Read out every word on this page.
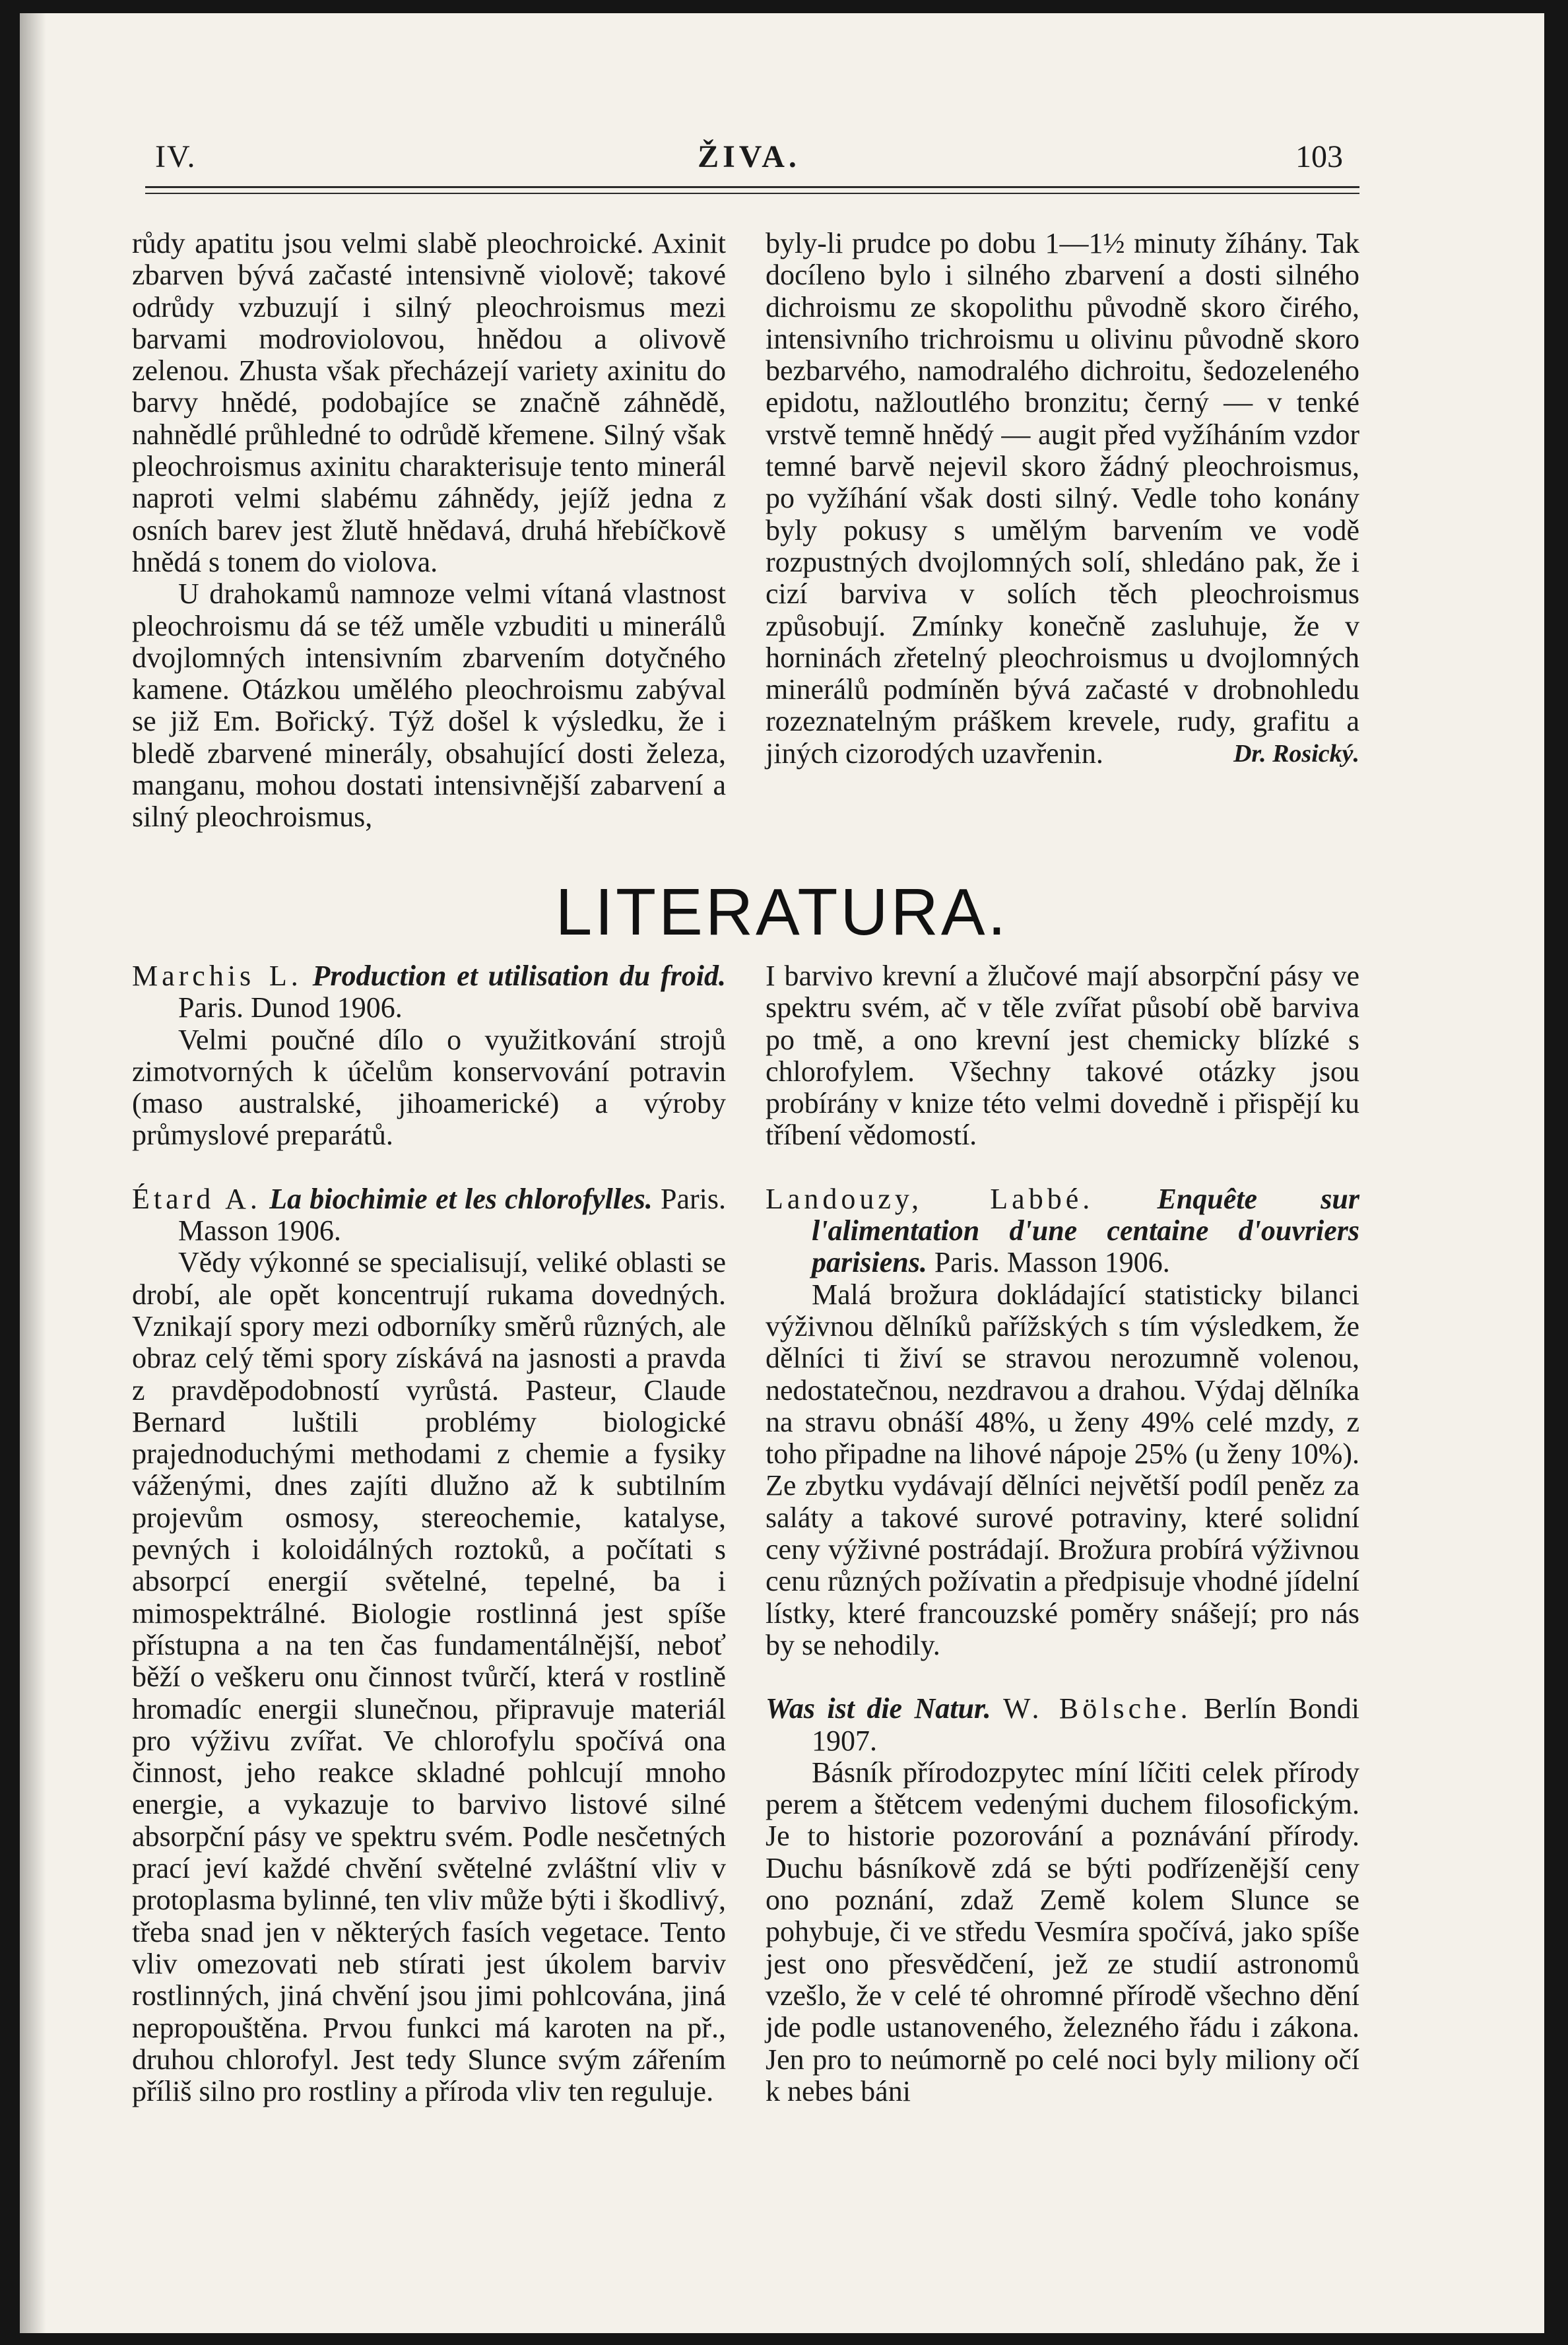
IV.	ŽIVA.	103

růdy apatitu jsou velmi slabě pleochroické. Axinit zbarven bývá začasté intensivně violově; takové odrůdy vzbuzují i silný pleochroismus mezi barvami modroviolovou, hnědou a olivově zelenou. Zhusta však přecházejí variety axinitu do barvy hnědé, podobajíce se značně záhnědě, nahnědlé průhledné to odrůdě křemene. Silný však pleochroismus axinitu charakterisuje tento minerál naproti velmi slabému záhnědy, jejíž jedna z osních barev jest žlutě hnědavá, druhá hřebíčkově hnědá s tonem do violova.

U drahokamů namnoze velmi vítaná vlastnost pleochroismu dá se též uměle vzbuditi u minerálů dvojlomných intensivním zbarvením dotyčného kamene. Otázkou umělého pleochroismu zabýval se již Em. Bořický. Týž došel k výsledku, že i bledě zbarvené minerály, obsahující dosti železa, manganu, mohou dostati intensivnější zabarvení a silný pleochroismus,

byly-li prudce po dobu 1—1½ minuty žíhány. Tak docíleno bylo i silného zbarvení a dosti silného dichroismu ze skopolithu původně skoro čirého, intensivního trichroismu u olivinu původně skoro bezbarvého, namodralého dichroitu, šedozeleného epidotu, nažloutlého bronzitu; černý — v tenké vrstvě temně hnědý — augit před vyžíháním vzdor temné barvě nejevil skoro žádný pleochroismus, po vyžíhání však dosti silný. Vedle toho konány byly pokusy s umělým barvením ve vodě rozpustných dvojlomných solí, shledáno pak, že i cizí barviva v solích těch pleochroismus způsobují. Zmínky konečně zasluhuje, že v horninách zřetelný pleochroismus u dvojlomných minerálů podmíněn bývá začasté v drobnohledu rozeznatelným práškem krevele, rudy, grafitu a jiných cizorodých uzavřenin.	Dr. Rosický.

LITERATURA.

Marchis L. Production et utilisation du froid. Paris. Dunod 1906.

Velmi poučné dílo o využitkování strojů zimotvorných k účelům konservování potravin (maso australské, jihoamerické) a výroby průmyslové preparátů.

Étard A. La biochimie et les chlorofylles. Paris. Masson 1906.

Vědy výkonné se specialisují, veliké oblasti se drobí, ale opět koncentrují rukama dovedných. Vznikají spory mezi odborníky směrů různých, ale obraz celý těmi spory získává na jasnosti a pravda z pravděpodobností vyrůstá. Pasteur, Claude Bernard luštili problémy biologické prajednoduchými methodami z chemie a fysiky váženými, dnes zajíti dlužno až k subtilním projevům osmosy, stereochemie, katalyse, pevných i koloidálných roztoků, a počítati s absorpcí energií světelné, tepelné, ba i mimospektrálné. Biologie rostlinná jest spíše přístupna a na ten čas fundamentálnější, neboť běží o veškeru onu činnost tvůrčí, která v rostlině hromadíc energii slunečnou, připravuje materiál pro výživu zvířat. Ve chlorofylu spočívá ona činnost, jeho reakce skladné pohlcují mnoho energie, a vykazuje to barvivo listové silné absorpční pásy ve spektru svém. Podle nesčetných prací jeví každé chvění světelné zvláštní vliv v protoplasma bylinné, ten vliv může býti i škodlivý, třeba snad jen v některých fasích vegetace. Tento vliv omezovati neb stírati jest úkolem barviv rostlinných, jiná chvění jsou jimi pohlcována, jiná nepropouštěna. Prvou funkci má karoten na př., druhou chlorofyl. Jest tedy Slunce svým zářením příliš silno pro rostliny a příroda vliv ten reguluje.

I barvivo krevní a žlučové mají absorpční pásy ve spektru svém, ač v těle zvířat působí obě barviva po tmě, a ono krevní jest chemicky blízké s chlorofylem. Všechny takové otázky jsou probírány v knize této velmi dovedně i přispějí ku tříbení vědomostí.

Landouzy, Labbé. Enquête sur l'alimentation d'une centaine d'ouvriers parisiens. Paris. Masson 1906.

Malá brožura dokládající statisticky bilanci výživnou dělníků pařížských s tím výsledkem, že dělníci ti živí se stravou nerozumně volenou, nedostatečnou, nezdravou a drahou. Výdaj dělníka na stravu obnáší 48%, u ženy 49% celé mzdy, z toho připadne na lihové nápoje 25% (u ženy 10%). Ze zbytku vydávají dělníci největší podíl peněz za saláty a takové surové potraviny, které solidní ceny výživné postrádají. Brožura probírá výživnou cenu různých požívatin a předpisuje vhodné jídelní lístky, které francouzské poměry snášejí; pro nás by se nehodily.

Was ist die Natur. W. Bölsche. Berlín Bondi 1907.

Básník přírodozpytec míní líčiti celek přírody perem a štětcem vedenými duchem filosofickým. Je to historie pozorování a poznávání přírody. Duchu básníkově zdá se býti podřízenější ceny ono poznání, zdaž Země kolem Slunce se pohybuje, či ve středu Vesmíra spočívá, jako spíše jest ono přesvědčení, jež ze studií astronomů vzešlo, že v celé té ohromné přírodě všechno dění jde podle ustanoveného, železného řádu i zákona. Jen pro to neúmorně po celé noci byly miliony očí k nebes báni
